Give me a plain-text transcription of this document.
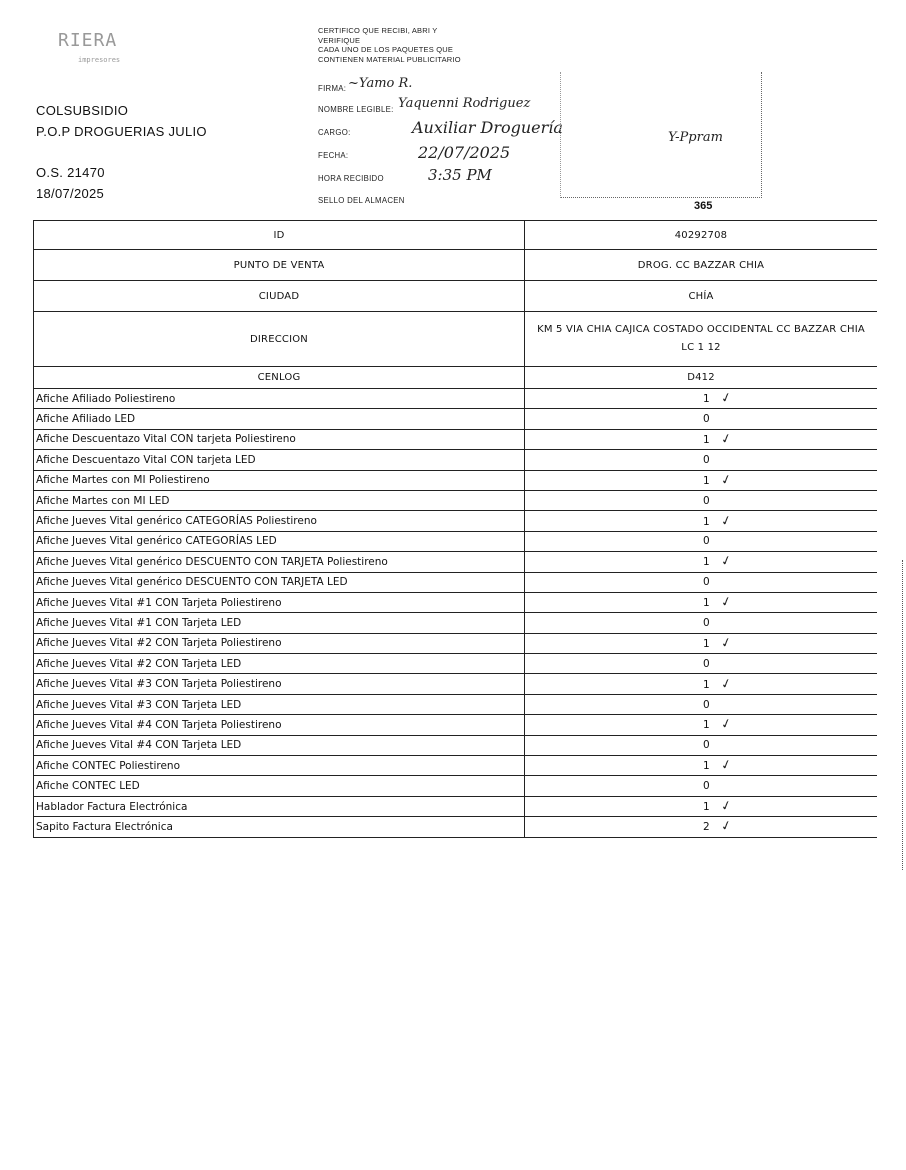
RIERA
impresores
COLSUBSIDIO
P.O.P DROGUERIAS JULIO
O.S. 21470
18/07/2025
CERTIFICO QUE RECIBI, ABRI Y
VERIFIQUE
CADA UNO DE LOS PAQUETES QUE
CONTIENEN MATERIAL PUBLICITARIO
FIRMA: ~Yamo R.
NOMBRE LEGIBLE: Yaquenni Rodriguez
CARGO:	Auxiliar Droguería
FECHA:	22/07/2025
HORA RECIBIDO	3:35 PM
SELLO DEL ALMACEN
Y-Ppram
365
ID	40292708
PUNTO DE VENTA	DROG. CC BAZZAR CHIA
CIUDAD	CHÍA
DIRECCION	KM 5 VIA CHIA CAJICA COSTADO OCCIDENTAL CC BAZZAR CHIA LC 1 12
CENLOG	D412
Afiche Afiliado Poliestireno	1 ✓
Afiche Afiliado LED	0
Afiche Descuentazo Vital CON tarjeta Poliestireno	1 ✓
Afiche Descuentazo Vital CON tarjeta LED	0
Afiche Martes con MI Poliestireno	1 ✓
Afiche Martes con MI LED	0
Afiche Jueves Vital genérico CATEGORÍAS Poliestireno	1 ✓
Afiche Jueves Vital genérico CATEGORÍAS LED	0
Afiche Jueves Vital genérico DESCUENTO CON TARJETA Poliestireno	1 ✓
Afiche Jueves Vital genérico DESCUENTO CON TARJETA LED	0
Afiche Jueves Vital #1 CON Tarjeta Poliestireno	1 ✓
Afiche Jueves Vital #1 CON Tarjeta LED	0
Afiche Jueves Vital #2 CON Tarjeta Poliestireno	1 ✓
Afiche Jueves Vital #2 CON Tarjeta LED	0
Afiche Jueves Vital #3 CON Tarjeta Poliestireno	1 ✓
Afiche Jueves Vital #3 CON Tarjeta LED	0
Afiche Jueves Vital #4 CON Tarjeta Poliestireno	1 ✓
Afiche Jueves Vital #4 CON Tarjeta LED	0
Afiche CONTEC Poliestireno	1 ✓
Afiche CONTEC LED	0
Hablador Factura Electrónica	1 ✓
Sapito Factura Electrónica	2 ✓
